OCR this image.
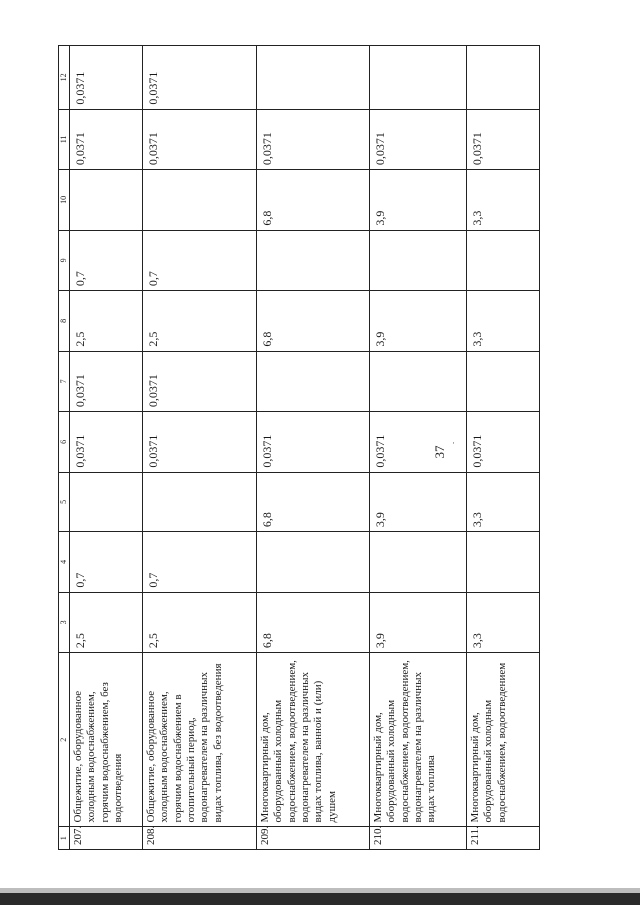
37
·
1	2	3	4	5	6	7	8	9	10	11	12
207.	Общежитие, оборудованное холодным водоснабжением, горячим водоснабжением, без водоотведения	2,5	0,7		0,0371	0,0371	2,5	0,7		0,0371	0,0371
208.	Общежитие, оборудованное холодным водоснабжением, горячим водоснабжением в отопительный период, водонагревателем на различных видах топлива, без водоотведения	2,5	0,7		0,0371	0,0371	2,5	0,7		0,0371	0,0371
209.	Многоквартирный дом, оборудованный холодным водоснабжением, водоотведением, водонагревателем на различных видах топлива, ванной и (или) душем	6,8		6,8	0,0371		6,8		6,8	0,0371	
210.	Многоквартирный дом, оборудованный холодным водоснабжением, водоотведением, водонагревателем на различных видах топлива	3,9		3,9	0,0371		3,9		3,9	0,0371	
211.	Многоквартирный дом, оборудованный холодным водоснабжением, водоотведением	3,3		3,3	0,0371		3,3		3,3	0,0371	
